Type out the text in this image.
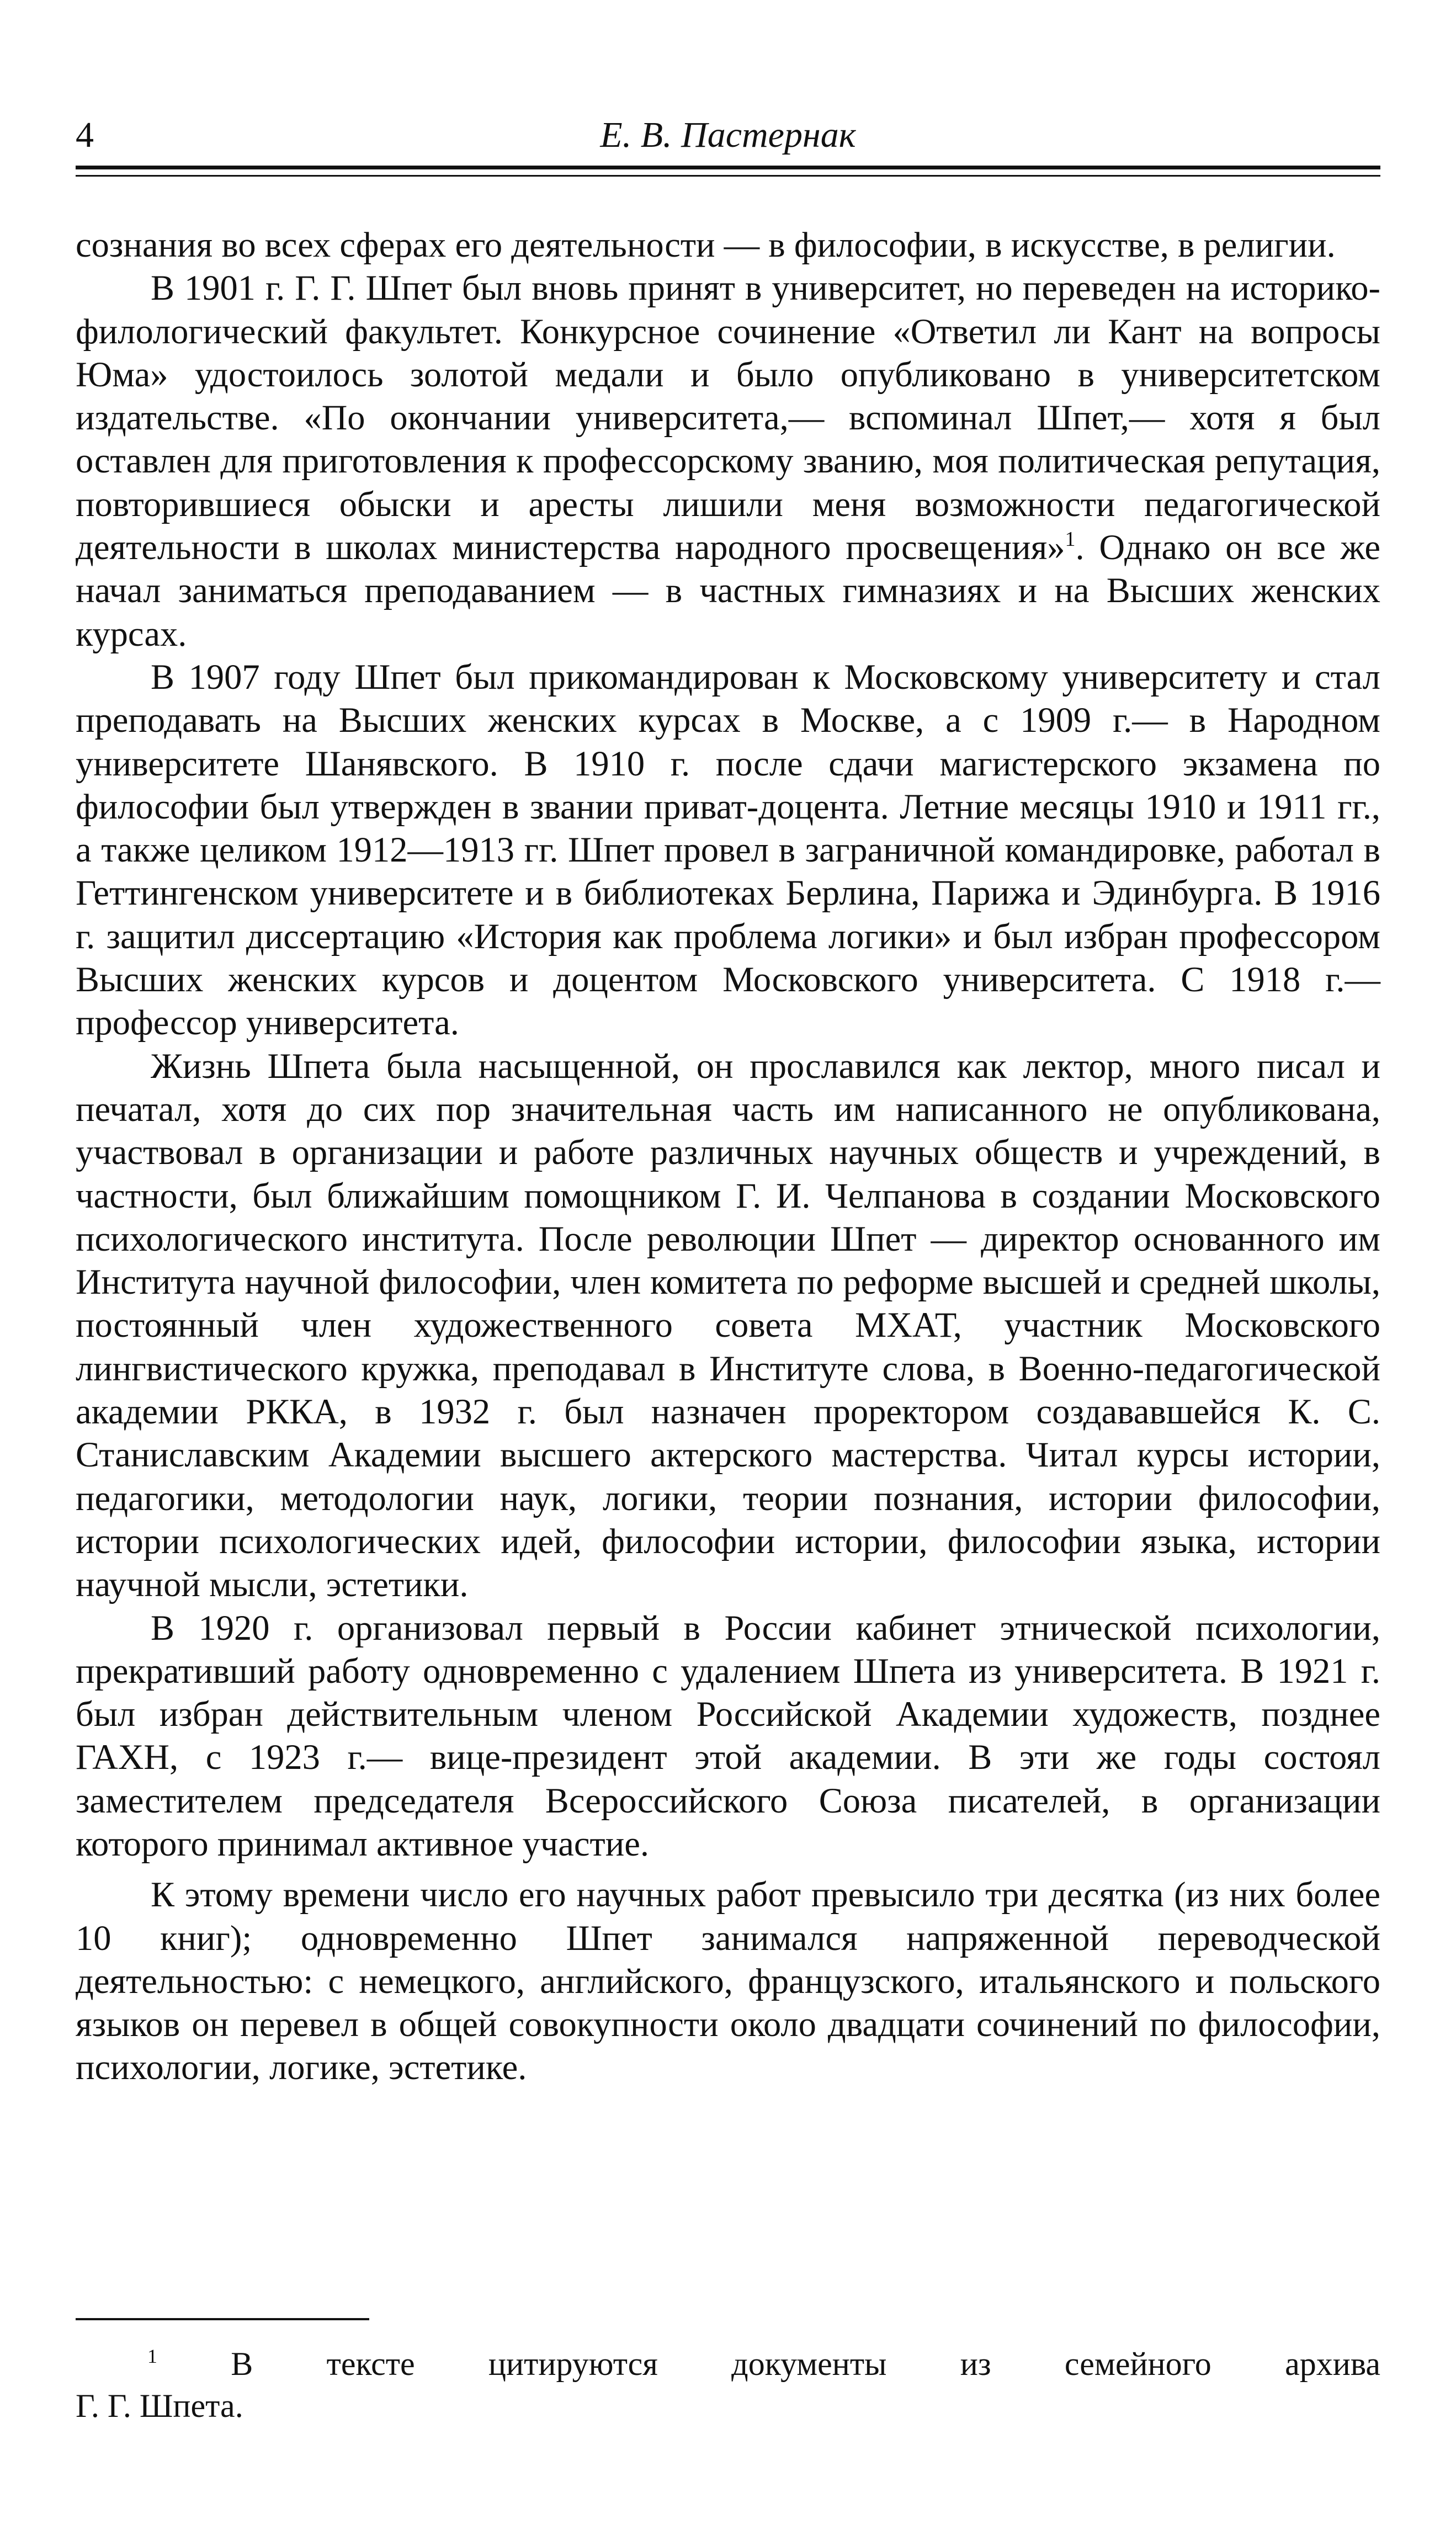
4	Е. В. Пастернак

сознания во всех сферах его деятельности — в философии, в искусстве, в религии.

В 1901 г. Г. Г. Шпет был вновь принят в университет, но переведен на историко-филологический факультет. Конкурсное сочинение «Ответил ли Кант на вопросы Юма» удостоилось золотой медали и было опубликовано в университетском издательстве. «По окончании университета,— вспоминал Шпет,— хотя я был оставлен для приготовления к профессорскому званию, моя политическая репутация, повторившиеся обыски и аресты лишили меня возможности педагогической деятельности в школах министерства народного просвещения»$^1$. Однако он все же начал заниматься преподаванием — в частных гимназиях и на Высших женских курсах.

В 1907 году Шпет был прикомандирован к Московскому университету и стал преподавать на Высших женских курсах в Москве, а с 1909 г.— в Народном университете Шанявского. В 1910 г. после сдачи магистерского экзамена по философии был утвержден в звании приват-доцента. Летние месяцы 1910 и 1911 гг., а также целиком 1912—1913 гг. Шпет провел в заграничной командировке, работал в Геттингенском университете и в библиотеках Берлина, Парижа и Эдинбурга. В 1916 г. защитил диссертацию «История как проблема логики» и был избран профессором Высших женских курсов и доцентом Московского университета. С 1918 г.— профессор университета.

Жизнь Шпета была насыщенной, он прославился как лектор, много писал и печатал, хотя до сих пор значительная часть им написанного не опубликована, участвовал в организации и работе различных научных обществ и учреждений, в частности, был ближайшим помощником Г. И. Челпанова в создании Московского психологического института. После революции Шпет — директор основанного им Института научной философии, член комитета по реформе высшей и средней школы, постоянный член художественного совета МХАТ, участник Московского лингвистического кружка, преподавал в Институте слова, в Военно-педагогической академии РККА, в 1932 г. был назначен проректором создававшейся К. С. Станиславским Академии высшего актерского мастерства. Читал курсы истории, педагогики, методологии наук, логики, теории познания, истории философии, истории психологических идей, философии истории, философии языка, истории научной мысли, эстетики.

В 1920 г. организовал первый в России кабинет этнической психологии, прекративший работу одновременно с удалением Шпета из университета. В 1921 г. был избран действительным членом Российской Академии художеств, позднее ГАХН, с 1923 г.— вице-президент этой академии. В эти же годы состоял заместителем председателя Всероссийского Союза писателей, в организации которого принимал активное участие.

К этому времени число его научных работ превысило три десятка (из них более 10 книг); одновременно Шпет занимался напряженной переводческой деятельностью: с немецкого, английского, французского, итальянского и польского языков он перевел в общей совокупности около двадцати сочинений по философии, психологии, логике, эстетике.

$^1$ В тексте цитируются документы из семейного архива
Г. Г. Шпета.
